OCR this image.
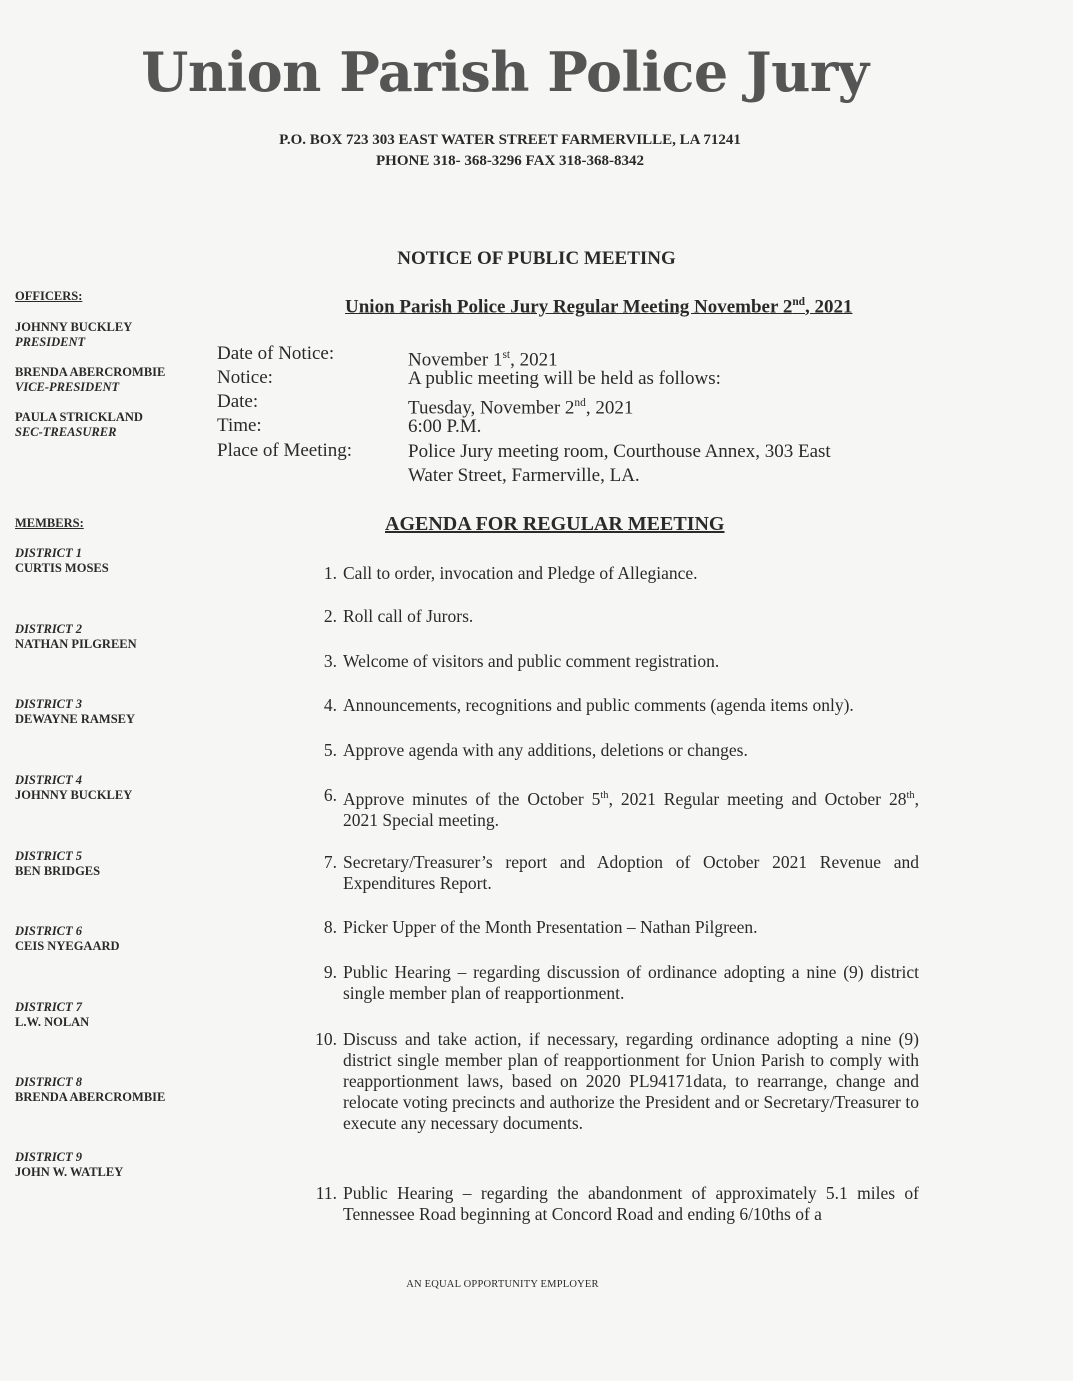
Union Parish Police Jury
P.O. BOX 723 303 EAST WATER STREET FARMERVILLE, LA 71241
PHONE 318- 368-3296 FAX 318-368-8342
NOTICE OF PUBLIC MEETING
Union Parish Police Jury Regular Meeting November 2nd, 2021
OFFICERS:
JOHNNY BUCKLEY
PRESIDENT
BRENDA ABERCROMBIE
VICE-PRESIDENT
PAULA STRICKLAND
SEC-TREASURER
MEMBERS:
DISTRICT 1
CURTIS MOSES
DISTRICT 2
NATHAN PILGREEN
DISTRICT 3
DEWAYNE RAMSEY
DISTRICT 4
JOHNNY BUCKLEY
DISTRICT 5
BEN BRIDGES
DISTRICT 6
CEIS NYEGAARD
DISTRICT 7
L.W. NOLAN
DISTRICT 8
BRENDA ABERCROMBIE
DISTRICT 9
JOHN W. WATLEY
Date of Notice:	November 1st, 2021
Notice:	A public meeting will be held as follows:
Date:	Tuesday, November 2nd, 2021
Time:	6:00 P.M.
Place of Meeting:	Police Jury meeting room, Courthouse Annex, 303 East
Water Street, Farmerville, LA.
AGENDA FOR REGULAR MEETING
1. Call to order, invocation and Pledge of Allegiance.
2. Roll call of Jurors.
3. Welcome of visitors and public comment registration.
4. Announcements, recognitions and public comments (agenda items only).
5. Approve agenda with any additions, deletions or changes.
6. Approve minutes of the October 5th, 2021 Regular meeting and October 28th, 2021 Special meeting.
7. Secretary/Treasurer’s report and Adoption of October 2021 Revenue and Expenditures Report.
8. Picker Upper of the Month Presentation – Nathan Pilgreen.
9. Public Hearing – regarding discussion of ordinance adopting a nine (9) district single member plan of reapportionment.
10. Discuss and take action, if necessary, regarding ordinance adopting a nine (9) district single member plan of reapportionment for Union Parish to comply with reapportionment laws, based on 2020 PL94171data, to rearrange, change and relocate voting precincts and authorize the President and or Secretary/Treasurer to execute any necessary documents.
11. Public Hearing – regarding the abandonment of approximately 5.1 miles of Tennessee Road beginning at Concord Road and ending 6/10ths of a
AN EQUAL OPPORTUNITY EMPLOYER
